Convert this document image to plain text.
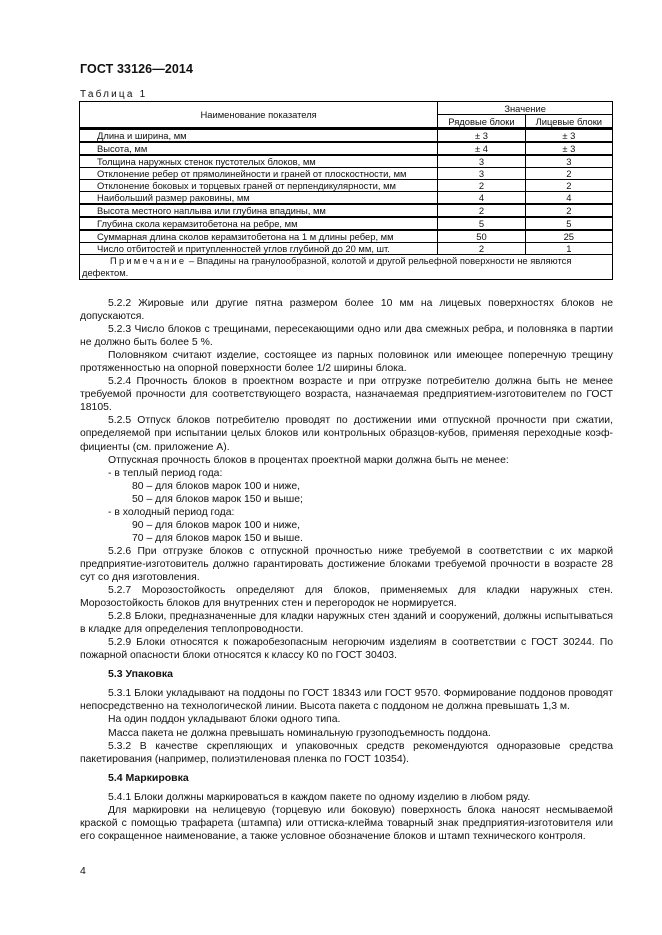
ГОСТ 33126—2014
Таблица 1
Наименование показателя	Значение	
	Рядовые блоки	Лицевые блоки
Длина и ширина, мм	± 3	± 3
Высота, мм	± 4	± 3
Толщина наружных стенок пустотелых блоков, мм	3	3
Отклонение ребер от прямолинейности и граней от плоскостности, мм	3	2
Отклонение боковых и торцевых граней от перпендикулярности, мм	2	2
Наибольший размер раковины, мм	4	4
Высота местного наплыва или глубина впадины, мм	2	2
Глубина скола керамзитобетона на ребре, мм	5	5
Суммарная длина сколов керамзитобетона на 1 м длины ребер, мм	50	25
Число отбитостей и притупленностей углов глубиной до 20 мм, шт.	2	1
Примечание – Впадины на гранулообразной, колотой и другой рельефной поверхности не являются дефектом.		

5.2.2 Жировые или другие пятна размером более 10 мм на лицевых поверхностях блоков не допускаются.

5.2.3 Число блоков с трещинами, пересекающими одно или два смежных ребра, и половняка в партии не должно быть более 5 %.

Половняком считают изделие, состоящее из парных половинок или имеющее поперечную трещину протяженностью на опорной поверхности более 1/2 ширины блока.

5.2.4 Прочность блоков в проектном возрасте и при отгрузке потребителю должна быть не менее требуемой прочности для соответствующего возраста, назначаемая предприятием-изготовителем по ГОСТ 18105.

5.2.5 Отпуск блоков потребителю проводят по достижении ими отпускной прочности при сжатии, определяемой при испытании целых блоков или контрольных образцов-кубов, применяя переходные коэф-фициенты (см. приложение А).

Отпускная прочность блоков в процентах проектной марки должна быть не менее:

- в теплый период года:

80 – для блоков марок 100 и ниже,

50 – для блоков марок 150 и выше;

- в холодный период года:

90 – для блоков марок 100 и ниже,

70 – для блоков марок 150 и выше.

5.2.6 При отгрузке блоков с отпускной прочностью ниже требуемой в соответствии с их маркой предприятие-изготовитель должно гарантировать достижение блоками требуемой прочности в возрасте 28 сут со дня изготовления.

5.2.7 Морозостойкость определяют для блоков, применяемых для кладки наружных стен. Морозостойкость блоков для внутренних стен и перегородок не нормируется.

5.2.8 Блоки, предназначенные для кладки наружных стен зданий и сооружений, должны испытываться в кладке для определения теплопроводности.

5.2.9 Блоки относятся к пожаробезопасным негорючим изделиям в соответствии с ГОСТ 30244. По пожарной опасности блоки относятся к классу К0 по ГОСТ 30403.

5.3 Упаковка

5.3.1 Блоки укладывают на поддоны по ГОСТ 18343 или ГОСТ 9570. Формирование поддонов проводят непосредственно на технологической линии. Высота пакета с поддоном не должна превышать 1,3 м.

На один поддон укладывают блоки одного типа.

Масса пакета не должна превышать номинальную грузоподъемность поддона.

5.3.2 В качестве скрепляющих и упаковочных средств рекомендуются одноразовые средства пакетирования (например, полиэтиленовая пленка по ГОСТ 10354).

5.4 Маркировка

5.4.1 Блоки должны маркироваться в каждом пакете по одному изделию в любом ряду.

Для маркировки на нелицевую (торцевую или боковую) поверхность блока наносят несмываемой краской с помощью трафарета (штампа) или оттиска-клейма товарный знак предприятия-изготовителя или его сокращенное наименование, а также условное обозначение блоков и штамп технического контроля.

4
